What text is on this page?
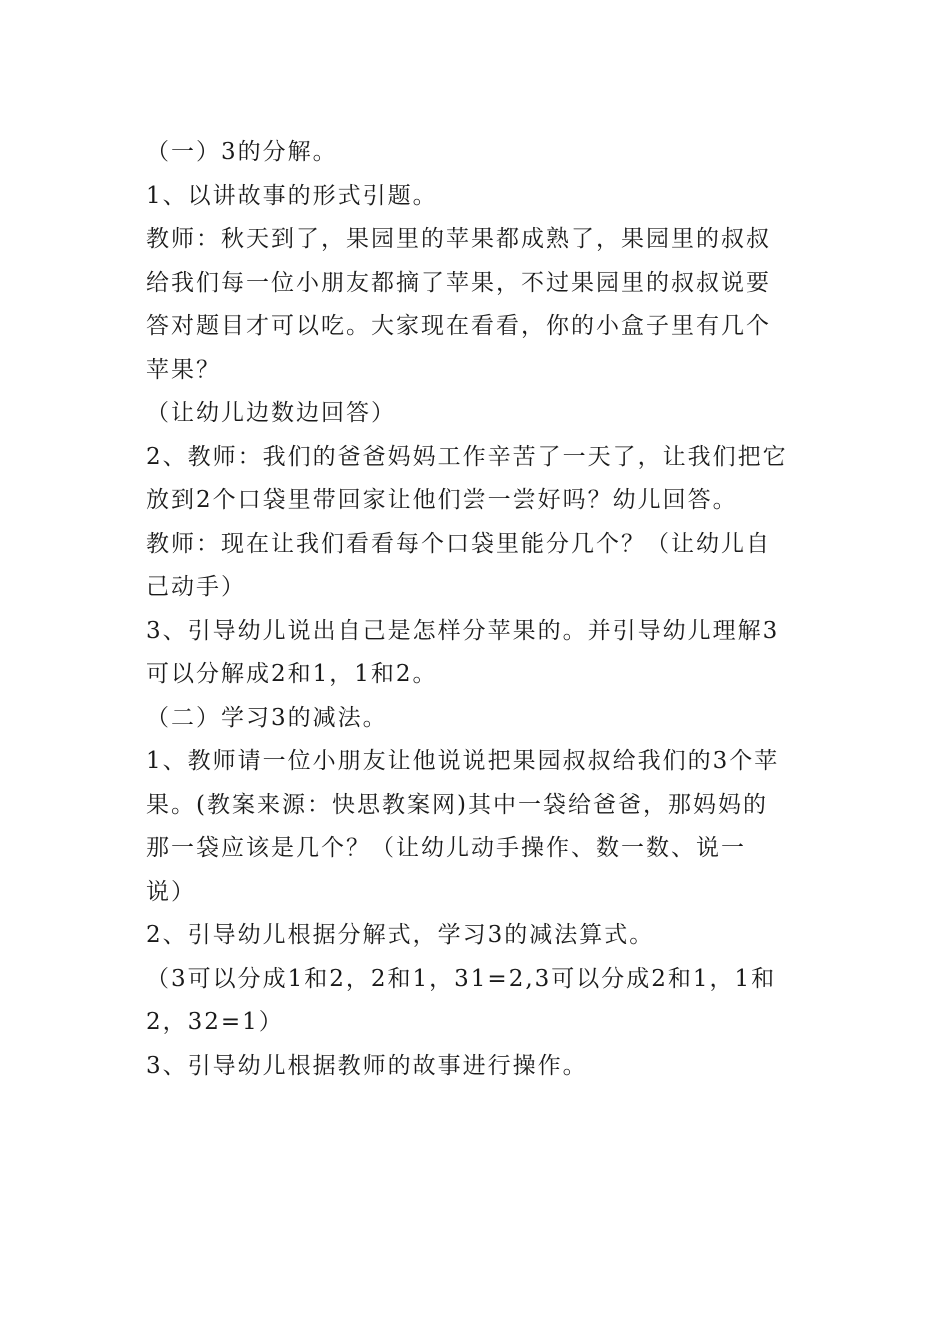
（一）3的分解。

1、以讲故事的形式引题。

教师：秋天到了，果园里的苹果都成熟了，果园里的叔叔

给我们每一位小朋友都摘了苹果，不过果园里的叔叔说要

答对题目才可以吃。大家现在看看，你的小盒子里有几个

苹果？

（让幼儿边数边回答）

2、教师：我们的爸爸妈妈工作辛苦了一天了，让我们把它

放到2个口袋里带回家让他们尝一尝好吗？幼儿回答。

教师：现在让我们看看每个口袋里能分几个？（让幼儿自

己动手）

3、引导幼儿说出自己是怎样分苹果的。并引导幼儿理解3

可以分解成2和1，1和2。

（二）学习3的减法。

1、教师请一位小朋友让他说说把果园叔叔给我们的3个苹

果。(教案来源：快思教案网)其中一袋给爸爸，那妈妈的

那一袋应该是几个？（让幼儿动手操作、数一数、说一

说）

2、引导幼儿根据分解式，学习3的减法算式。

（3可以分成1和2，2和1，31=2,3可以分成2和1，1和

2，32=1）

3、引导幼儿根据教师的故事进行操作。
